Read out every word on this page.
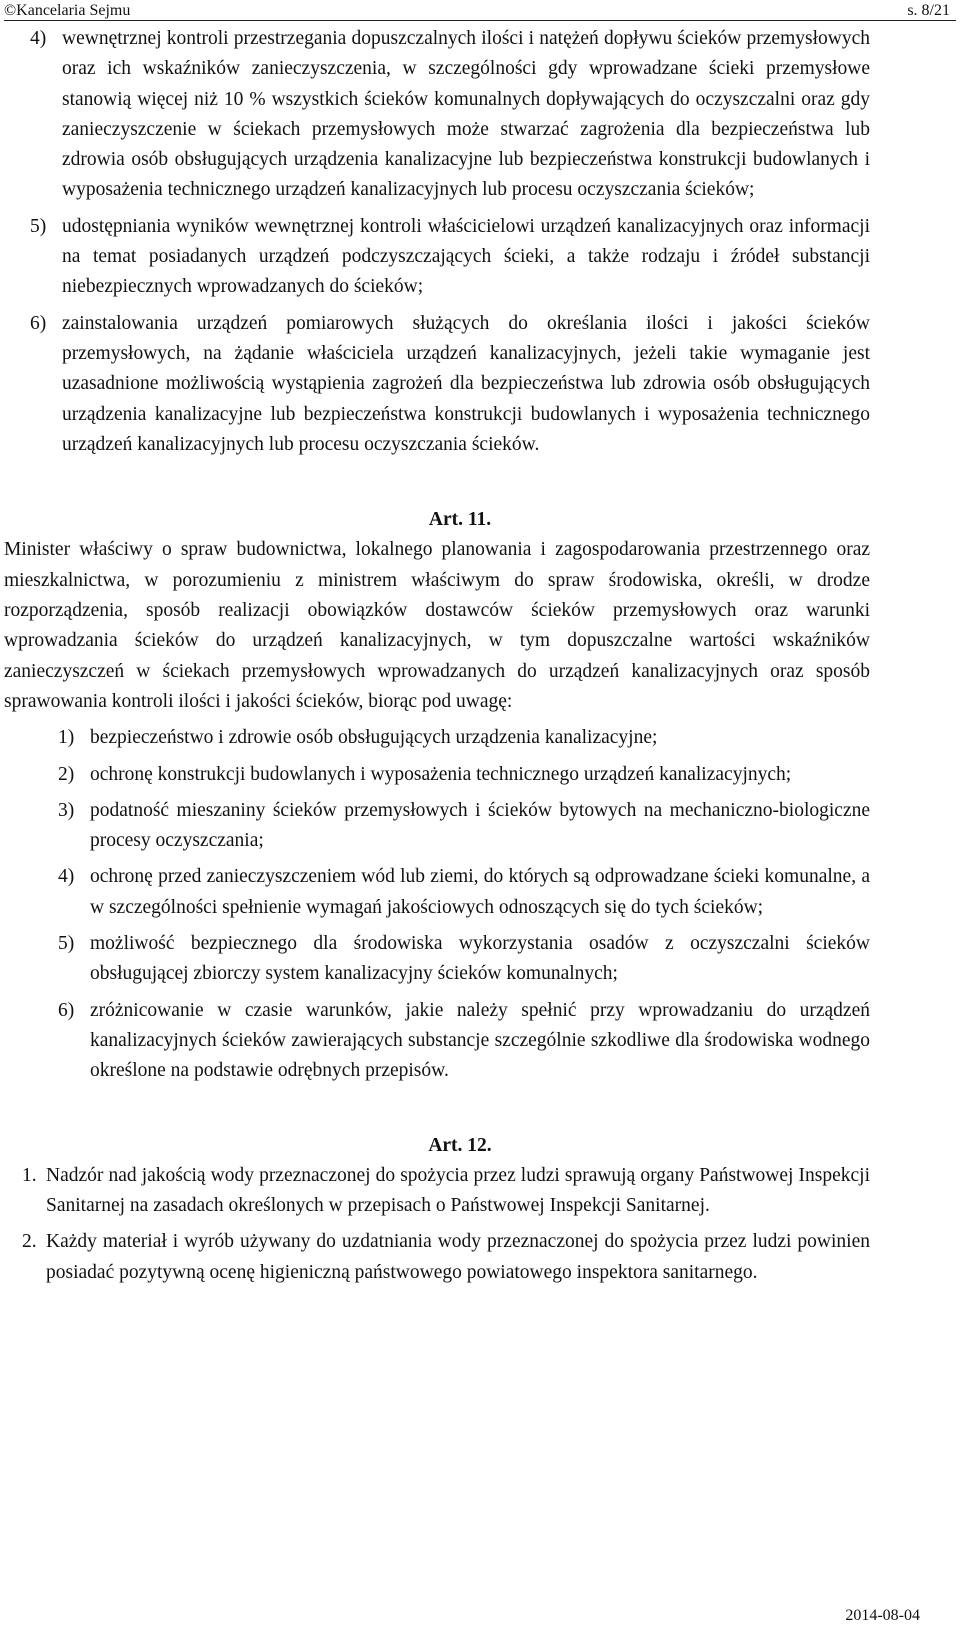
©Kancelaria Sejmu	s. 8/21
4) wewnętrznej kontroli przestrzegania dopuszczalnych ilości i natężeń dopływu ścieków przemysłowych oraz ich wskaźników zanieczyszczenia, w szczególności gdy wprowadzane ścieki przemysłowe stanowią więcej niż 10 % wszystkich ścieków komunalnych dopływających do oczyszczalni oraz gdy zanieczyszczenie w ściekach przemysłowych może stwarzać zagrożenia dla bezpieczeństwa lub zdrowia osób obsługujących urządzenia kanalizacyjne lub bezpieczeństwa konstrukcji budowlanych i wyposażenia technicznego urządzeń kanalizacyjnych lub procesu oczyszczania ścieków;
5) udostępniania wyników wewnętrznej kontroli właścicielowi urządzeń kanalizacyjnych oraz informacji na temat posiadanych urządzeń podczyszczających ścieki, a także rodzaju i źródeł substancji niebezpiecznych wprowadzanych do ścieków;
6) zainstalowania urządzeń pomiarowych służących do określania ilości i jakości ścieków przemysłowych, na żądanie właściciela urządzeń kanalizacyjnych, jeżeli takie wymaganie jest uzasadnione możliwością wystąpienia zagrożeń dla bezpieczeństwa lub zdrowia osób obsługujących urządzenia kanalizacyjne lub bezpieczeństwa konstrukcji budowlanych i wyposażenia technicznego urządzeń kanalizacyjnych lub procesu oczyszczania ścieków.

Art. 11.

Minister właściwy o spraw budownictwa, lokalnego planowania i zagospodarowania przestrzennego oraz mieszkalnictwa, w porozumieniu z ministrem właściwym do spraw środowiska, określi, w drodze rozporządzenia, sposób realizacji obowiązków dostawców ścieków przemysłowych oraz warunki wprowadzania ścieków do urządzeń kanalizacyjnych, w tym dopuszczalne wartości wskaźników zanieczyszczeń w ściekach przemysłowych wprowadzanych do urządzeń kanalizacyjnych oraz sposób sprawowania kontroli ilości i jakości ścieków, biorąc pod uwagę:

1) bezpieczeństwo i zdrowie osób obsługujących urządzenia kanalizacyjne;
2) ochronę konstrukcji budowlanych i wyposażenia technicznego urządzeń kanalizacyjnych;
3) podatność mieszaniny ścieków przemysłowych i ścieków bytowych na mechaniczno-biologiczne procesy oczyszczania;
4) ochronę przed zanieczyszczeniem wód lub ziemi, do których są odprowadzane ścieki komunalne, a w szczególności spełnienie wymagań jakościowych odnoszących się do tych ścieków;
5) możliwość bezpiecznego dla środowiska wykorzystania osadów z oczyszczalni ścieków obsługującej zbiorczy system kanalizacyjny ścieków komunalnych;
6) zróżnicowanie w czasie warunków, jakie należy spełnić przy wprowadzaniu do urządzeń kanalizacyjnych ścieków zawierających substancje szczególnie szkodliwe dla środowiska wodnego określone na podstawie odrębnych przepisów.

Art. 12.

1. Nadzór nad jakością wody przeznaczonej do spożycia przez ludzi sprawują organy Państwowej Inspekcji Sanitarnej na zasadach określonych w przepisach o Państwowej Inspekcji Sanitarnej.
2. Każdy materiał i wyrób używany do uzdatniania wody przeznaczonej do spożycia przez ludzi powinien posiadać pozytywną ocenę higieniczną państwowego powiatowego inspektora sanitarnego.
2014-08-04
